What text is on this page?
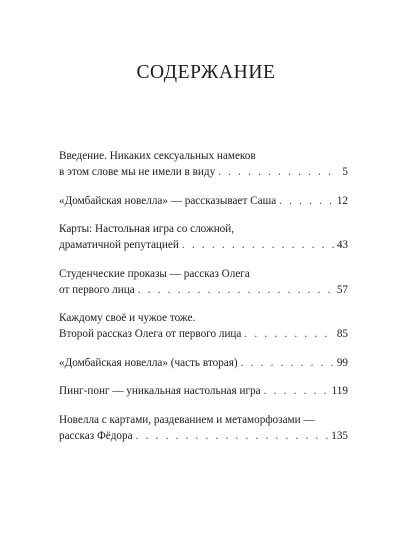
СОДЕРЖАНИЕ
Введение. Никаких сексуальных намеков
в этом слове мы не имели в виду . . .	5
«Домбайская новелла» — рассказывает Саша . . .	12
Карты: Настольная игра со сложной,
драматичной репутацией . . .	43
Студенческие проказы — рассказ Олега
от первого лица . . .	57
Каждому своё и чужое тоже.
Второй рассказ Олега от первого лица . . .	85
«Домбайская новелла» (часть вторая) . . .	99
Пинг-понг — уникальная настольная игра . . .	119
Новелла с картами, раздеванием и метаморфозами —
рассказ Фёдора . . .	135
